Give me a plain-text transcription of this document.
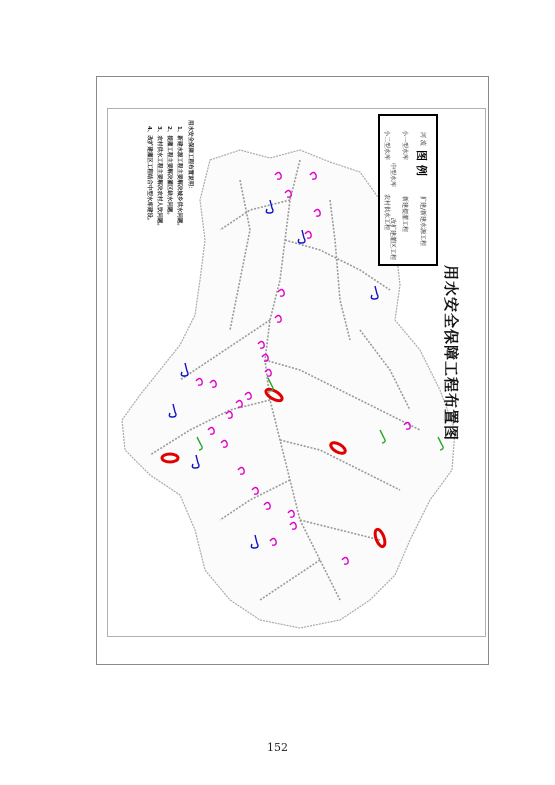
图 例
河 流
扩建/新建水源工程
小一型水库
新建提灌工程
中型水库
改扩建灌区工程
小二型水库
农村供水工程
用水安全保障工程布置图
用水安全保障工程布置说明：
1、新建水源工程主要解决城乡供水问题。
2、提灌工程主要解决灌区缺水问题。
3、农村供水工程主要解决农村人饮问题。
4、改扩建灌区工程结合中型水库建设。
152
